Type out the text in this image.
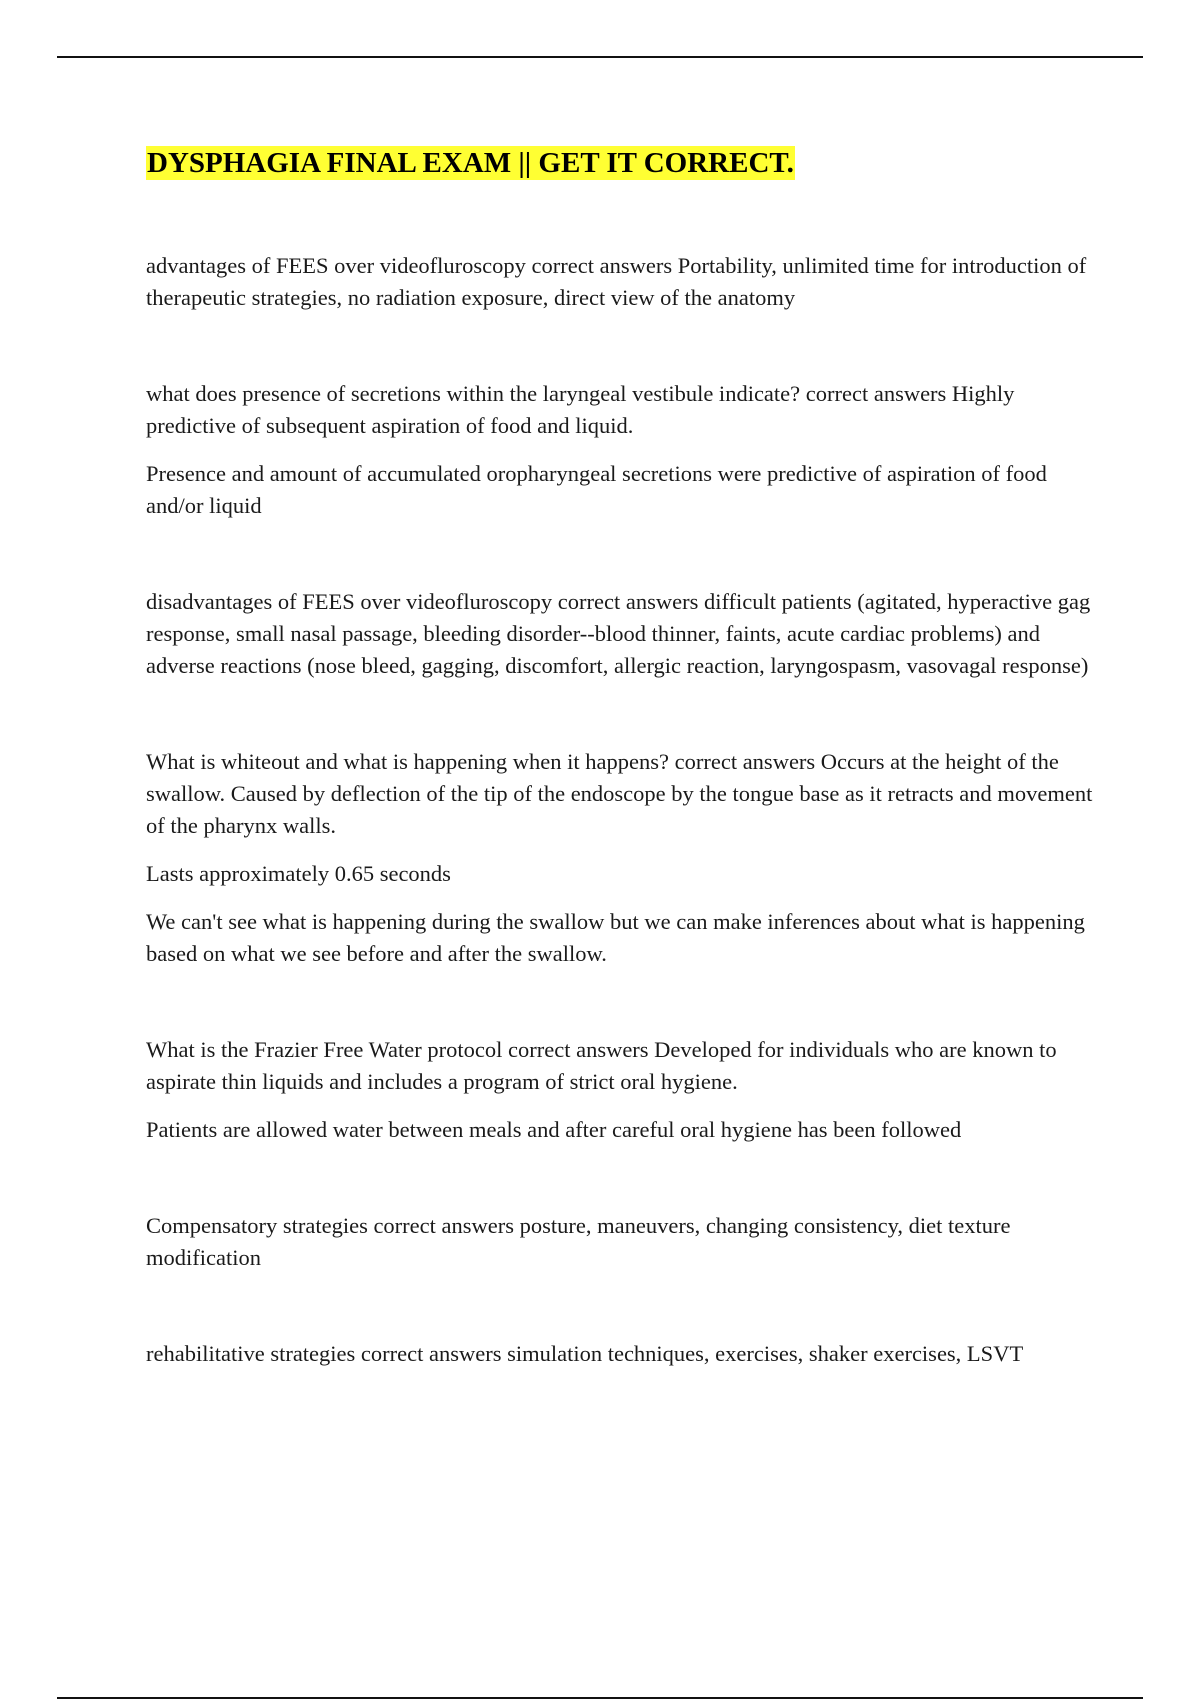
DYSPHAGIA FINAL EXAM || GET IT CORRECT.

advantages of FEES over videofluroscopy correct answers Portability, unlimited time for introduction of therapeutic strategies, no radiation exposure, direct view of the anatomy

what does presence of secretions within the laryngeal vestibule indicate? correct answers Highly predictive of subsequent aspiration of food and liquid.

Presence and amount of accumulated oropharyngeal secretions were predictive of aspiration of food and/or liquid

disadvantages of FEES over videofluroscopy correct answers difficult patients (agitated, hyperactive gag response, small nasal passage, bleeding disorder--blood thinner, faints, acute cardiac problems) and adverse reactions (nose bleed, gagging, discomfort, allergic reaction, laryngospasm, vasovagal response)

What is whiteout and what is happening when it happens? correct answers Occurs at the height of the swallow. Caused by deflection of the tip of the endoscope by the tongue base as it retracts and movement of the pharynx walls.

Lasts approximately 0.65 seconds

We can't see what is happening during the swallow but we can make inferences about what is happening based on what we see before and after the swallow.

What is the Frazier Free Water protocol correct answers Developed for individuals who are known to aspirate thin liquids and includes a program of strict oral hygiene.

Patients are allowed water between meals and after careful oral hygiene has been followed

Compensatory strategies correct answers posture, maneuvers, changing consistency, diet texture modification

rehabilitative strategies correct answers simulation techniques, exercises, shaker exercises, LSVT
